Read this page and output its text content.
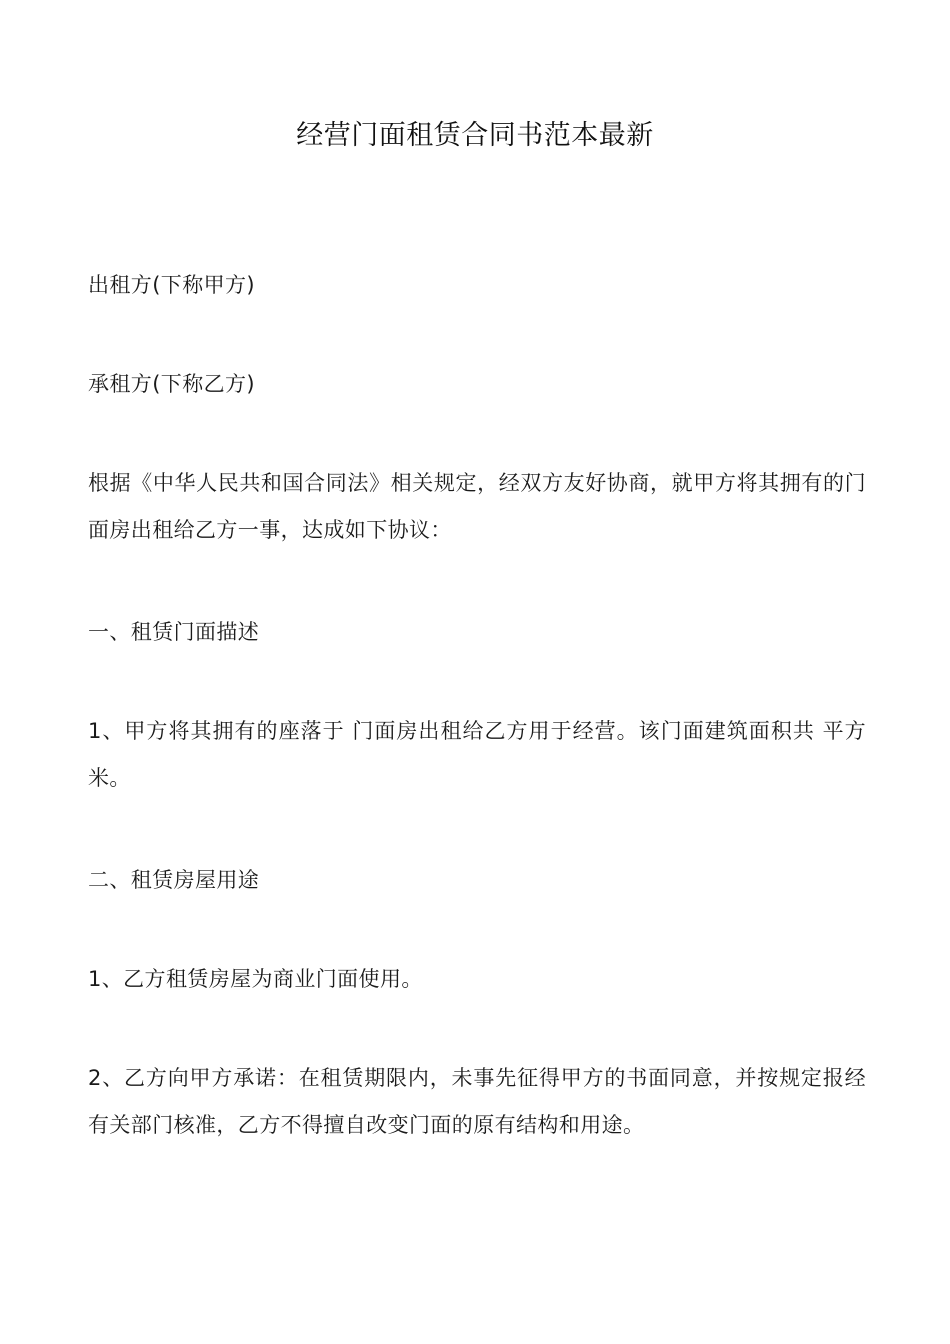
经营门面租赁合同书范本最新

出租方(下称甲方)

承租方(下称乙方)

根据《中华人民共和国合同法》相关规定，经双方友好协商，就甲方将其拥有的门面房出租给乙方一事，达成如下协议：

一、租赁门面描述

1、甲方将其拥有的座落于 门面房出租给乙方用于经营。该门面建筑面积共 平方米。

二、租赁房屋用途

1、乙方租赁房屋为商业门面使用。

2、乙方向甲方承诺：在租赁期限内，未事先征得甲方的书面同意，并按规定报经有关部门核准，乙方不得擅自改变门面的原有结构和用途。
